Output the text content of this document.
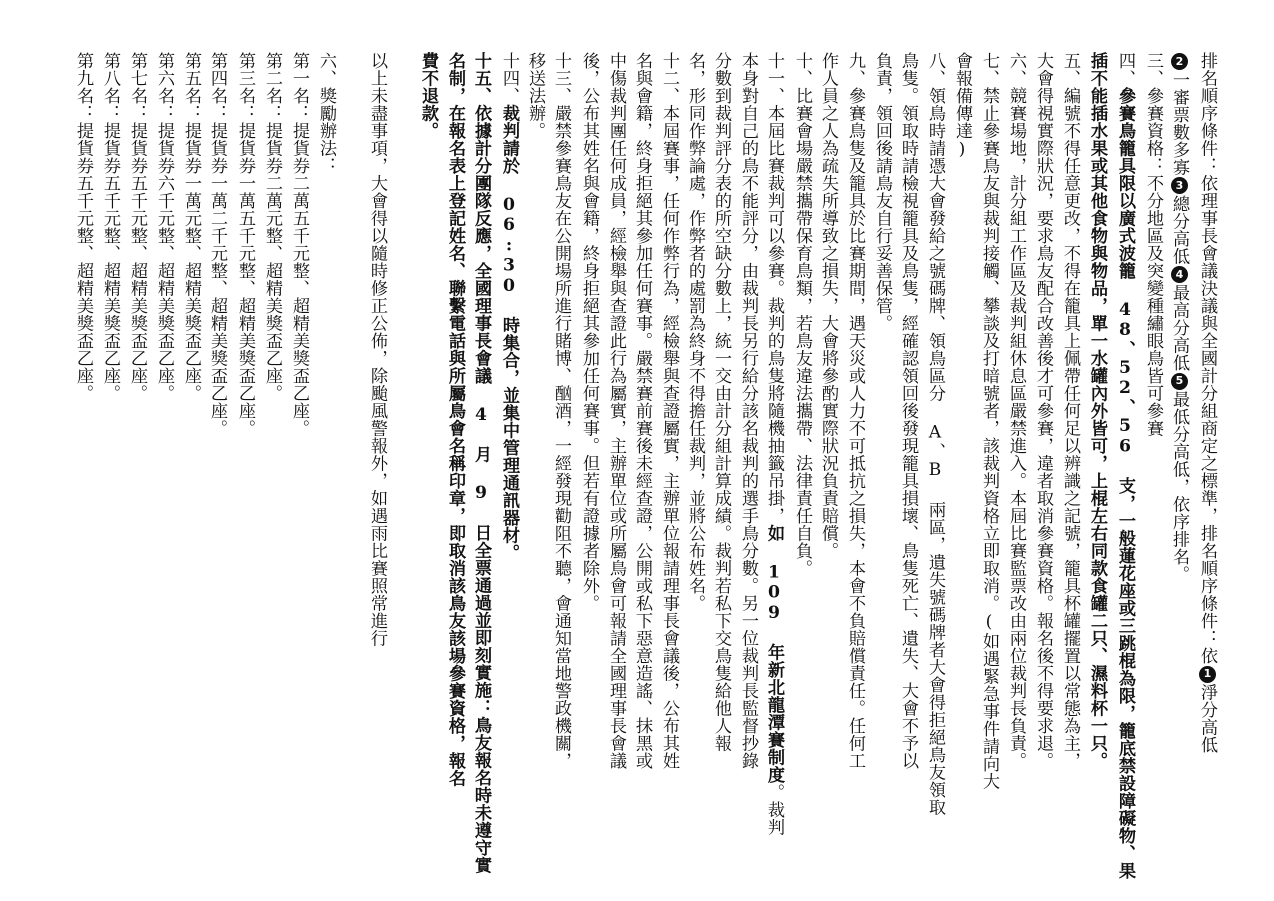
排名順序條件：依理事長會議決議與全國計分組商定之標準，排名順序條件：依1淨分高低
2一審票數多寡3總分高低4最高分高低5最低分高低，依序排名。
三、參賽資格：不分地區及突變種繡眼鳥皆可參賽
四、參賽鳥籠具限以廣式波籠 48、52、56 支，一般蓮花座或三跳棍為限，籠底禁設障礙物、果
插不能插水果或其他食物與物品，單一水罐內外皆可，上棍左右同款食罐二只、濕料杯一只。
五、編號不得任意更改，不得在籠具上佩帶任何足以辨識之記號，籠具杯罐擺置以常態為主，
大會得視實際狀況，要求鳥友配合改善後才可參賽，違者取消參賽資格。報名後不得要求退。
六、競賽場地，計分組工作區及裁判組休息區嚴禁進入。本屆比賽監票改由兩位裁判長負責。
七、禁止參賽鳥友與裁判接觸、攀談及打暗號者，該裁判資格立即取消。(如遇緊急事件請向大
會報備傳達)
八、領鳥時請憑大會發給之號碼牌、領鳥區分 A、B 兩區，遺失號碼牌者大會得拒絕鳥友領取
鳥隻。領取時請檢視籠具及鳥隻，經確認領回後發現籠具損壞、鳥隻死亡、遺失、大會不予以
負責，領回後請鳥友自行妥善保管。
九、參賽鳥隻及籠具於比賽期間，遇天災或人力不可抵抗之損失，本會不負賠償責任。任何工
作人員之人為疏失所導致之損失，大會將參酌實際狀況負責賠償。
十、比賽會場嚴禁攜帶保育鳥類，若鳥友違法攜帶、法律責任自負。
十一、本屆比賽裁判可以參賽。裁判的鳥隻將隨機抽籤吊掛，如 109 年新北龍潭賽制度。裁判
本身對自己的鳥不能評分，由裁判長另行給分該名裁判的選手鳥分數。另一位裁判長監督抄錄
分數到裁判評分表的所空缺分數上，統一交由計分組計算成績。裁判若私下交鳥隻給他人報
名，形同作弊論處，作弊者的處罰為終身不得擔任裁判，並將公布姓名。
十二、本屆賽事，任何作弊行為，經檢舉與查證屬實，主辦單位報請理事長會議後，公布其姓
名與會籍，終身拒絕其參加任何賽事。嚴禁賽前賽後未經查證，公開或私下惡意造謠、抹黑或
中傷裁判團任何成員，經檢舉與查證此行為屬實，主辦單位或所屬鳥會可報請全國理事長會議
後，公布其姓名與會籍，終身拒絕其參加任何賽事。但若有證據者除外。
十三、嚴禁參賽鳥友在公開場所進行賭博、酗酒，一經發現勸阻不聽，會通知當地警政機關，
移送法辦。
十四、裁判請於 06:30 時集合，並集中管理通訊器材。
十五、依據計分團隊反應，全國理事長會議 4 月 9 日全票通過並即刻實施：鳥友報名時未遵守實
名制，在報名表上登記姓名、聯繫電話與所屬鳥會名稱印章，即取消該鳥友該場參賽資格，報名
費不退款。
以上未盡事項，大會得以隨時修正公佈，除颱風警報外，如遇雨比賽照常進行
六、獎勵辦法：
第一名：提貨券二萬五千元整、超精美獎盃乙座。
第二名：提貨券二萬元整、超精美獎盃乙座。
第三名：提貨券一萬五千元整、超精美獎盃乙座。
第四名：提貨券一萬二千元整、超精美獎盃乙座。
第五名：提貨券一萬元整、超精美獎盃乙座。
第六名：提貨券六千元整、超精美獎盃乙座。
第七名：提貨券五千元整、超精美獎盃乙座。
第八名：提貨券五千元整、超精美獎盃乙座。
第九名：提貨券五千元整、超精美獎盃乙座。
